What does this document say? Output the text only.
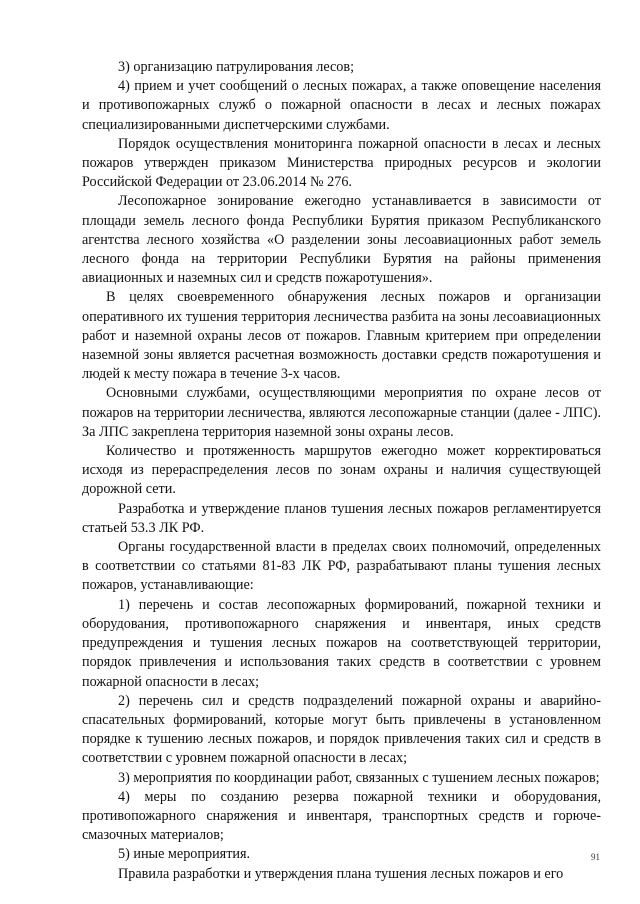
3) организацию патрулирования лесов;

4) прием и учет сообщений о лесных пожарах, а также оповещение населения и противопожарных служб о пожарной опасности в лесах и лесных пожарах специализированными диспетчерскими службами.

Порядок осуществления мониторинга пожарной опасности в лесах и лесных пожаров утвержден приказом Министерства природных ресурсов и экологии Российской Федерации от 23.06.2014 № 276.

Лесопожарное зонирование ежегодно устанавливается в зависимости от площади земель лесного фонда Республики Бурятия приказом Республиканского агентства лесного хозяйства «О разделении зоны лесоавиационных работ земель лесного фонда на территории Республики Бурятия на районы применения авиационных и наземных сил и средств пожаротушения».

В целях своевременного обнаружения лесных пожаров и организации оперативного их тушения территория лесничества разбита на зоны лесоавиационных работ и наземной охраны лесов от пожаров. Главным критерием при определении наземной зоны является расчетная возможность доставки средств пожаротушения и людей к месту пожара в течение 3-х часов.

Основными службами, осуществляющими мероприятия по охране лесов от пожаров на территории лесничества, являются лесопожарные станции (далее - ЛПС). За ЛПС закреплена территория наземной зоны охраны лесов.

Количество и протяженность маршрутов ежегодно может корректироваться исходя из перераспределения лесов по зонам охраны и наличия существующей дорожной сети.

Разработка и утверждение планов тушения лесных пожаров регламентируется статьей 53.3 ЛК РФ.

Органы государственной власти в пределах своих полномочий, определенных в соответствии со статьями 81-83 ЛК РФ, разрабатывают планы тушения лесных пожаров, устанавливающие:

1) перечень и состав лесопожарных формирований, пожарной техники и оборудования, противопожарного снаряжения и инвентаря, иных средств предупреждения и тушения лесных пожаров на соответствующей территории, порядок привлечения и использования таких средств в соответствии с уровнем пожарной опасности в лесах;

2) перечень сил и средств подразделений пожарной охраны и аварийно-спасательных формирований, которые могут быть привлечены в установленном порядке к тушению лесных пожаров, и порядок привлечения таких сил и средств в соответствии с уровнем пожарной опасности в лесах;

3) мероприятия по координации работ, связанных с тушением лесных пожаров;

4) меры по созданию резерва пожарной техники и оборудования, противопожарного снаряжения и инвентаря, транспортных средств и горюче-смазочных материалов;

5) иные мероприятия.

Правила разработки и утверждения плана тушения лесных пожаров и его

91
